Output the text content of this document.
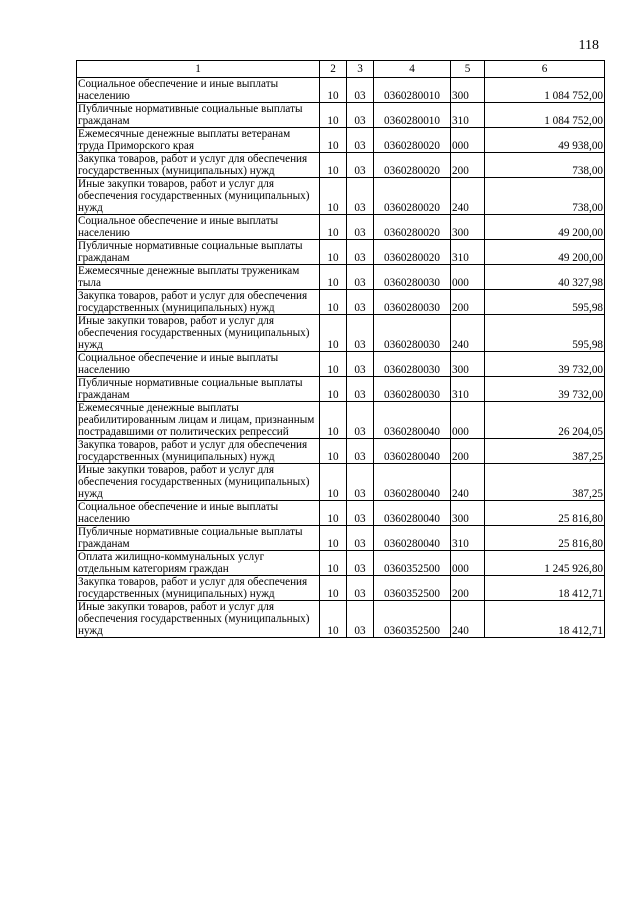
118
1	2	3	4	5	6
Социальное обеспечение и иные выплаты населению	10	03	0360280010	300	1 084 752,00
Публичные нормативные социальные выплаты гражданам	10	03	0360280010	310	1 084 752,00
Ежемесячные денежные выплаты ветеранам труда Приморского края	10	03	0360280020	000	49 938,00
Закупка товаров, работ и услуг для обеспечения государственных (муниципальных) нужд	10	03	0360280020	200	738,00
Иные закупки товаров, работ и услуг для обеспечения государственных (муниципальных) нужд	10	03	0360280020	240	738,00
Социальное обеспечение и иные выплаты населению	10	03	0360280020	300	49 200,00
Публичные нормативные социальные выплаты гражданам	10	03	0360280020	310	49 200,00
Ежемесячные денежные выплаты труженикам тыла	10	03	0360280030	000	40 327,98
Закупка товаров, работ и услуг для обеспечения государственных (муниципальных) нужд	10	03	0360280030	200	595,98
Иные закупки товаров, работ и услуг для обеспечения государственных (муниципальных) нужд	10	03	0360280030	240	595,98
Социальное обеспечение и иные выплаты населению	10	03	0360280030	300	39 732,00
Публичные нормативные социальные выплаты гражданам	10	03	0360280030	310	39 732,00
Ежемесячные денежные выплаты реабилитированным лицам и лицам, признанным пострадавшими от политических репрессий	10	03	0360280040	000	26 204,05
Закупка товаров, работ и услуг для обеспечения государственных (муниципальных) нужд	10	03	0360280040	200	387,25
Иные закупки товаров, работ и услуг для обеспечения государственных (муниципальных) нужд	10	03	0360280040	240	387,25
Социальное обеспечение и иные выплаты населению	10	03	0360280040	300	25 816,80
Публичные нормативные социальные выплаты гражданам	10	03	0360280040	310	25 816,80
Оплата жилищно-коммунальных услуг отдельным категориям граждан	10	03	0360352500	000	1 245 926,80
Закупка товаров, работ и услуг для обеспечения государственных (муниципальных) нужд	10	03	0360352500	200	18 412,71
Иные закупки товаров, работ и услуг для обеспечения государственных (муниципальных) нужд	10	03	0360352500	240	18 412,71
